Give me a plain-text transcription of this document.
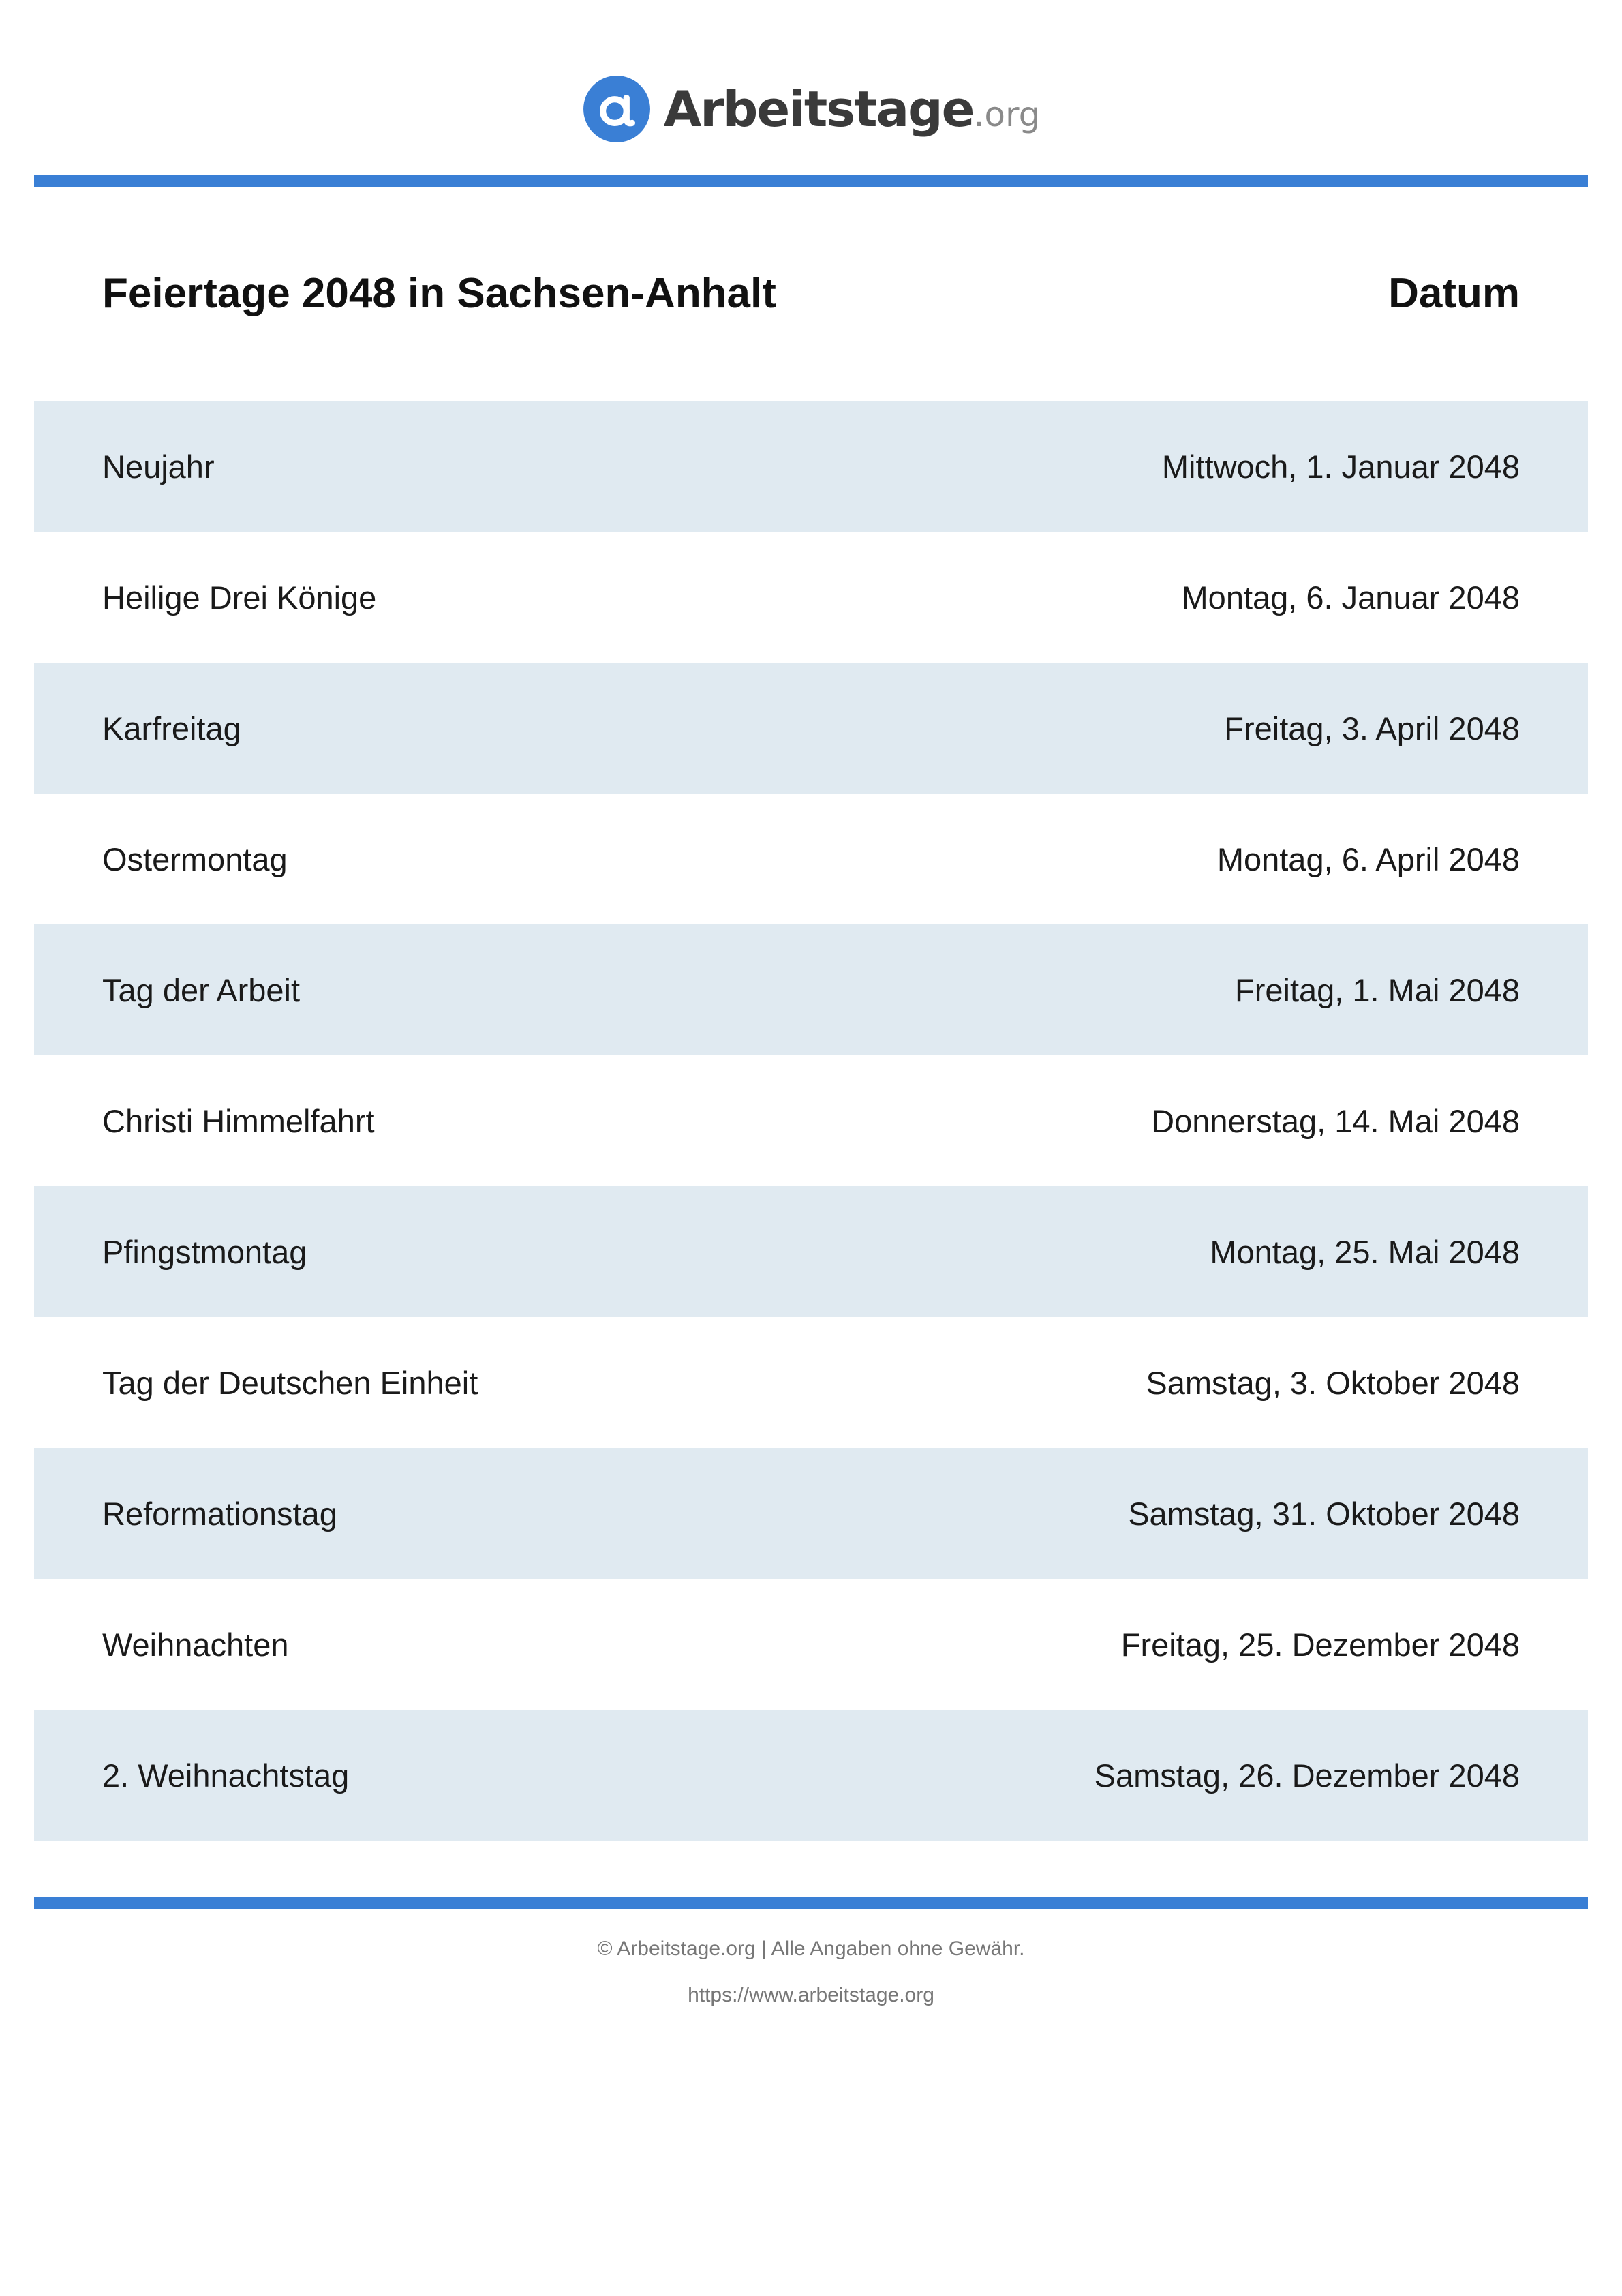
Arbeitstage.org
Feiertage 2048 in Sachsen-Anhalt	Datum
Neujahr	Mittwoch, 1. Januar 2048
Heilige Drei Könige	Montag, 6. Januar 2048
Karfreitag	Freitag, 3. April 2048
Ostermontag	Montag, 6. April 2048
Tag der Arbeit	Freitag, 1. Mai 2048
Christi Himmelfahrt	Donnerstag, 14. Mai 2048
Pfingstmontag	Montag, 25. Mai 2048
Tag der Deutschen Einheit	Samstag, 3. Oktober 2048
Reformationstag	Samstag, 31. Oktober 2048
Weihnachten	Freitag, 25. Dezember 2048
2. Weihnachtstag	Samstag, 26. Dezember 2048
© Arbeitstage.org | Alle Angaben ohne Gewähr.
https://www.arbeitstage.org
